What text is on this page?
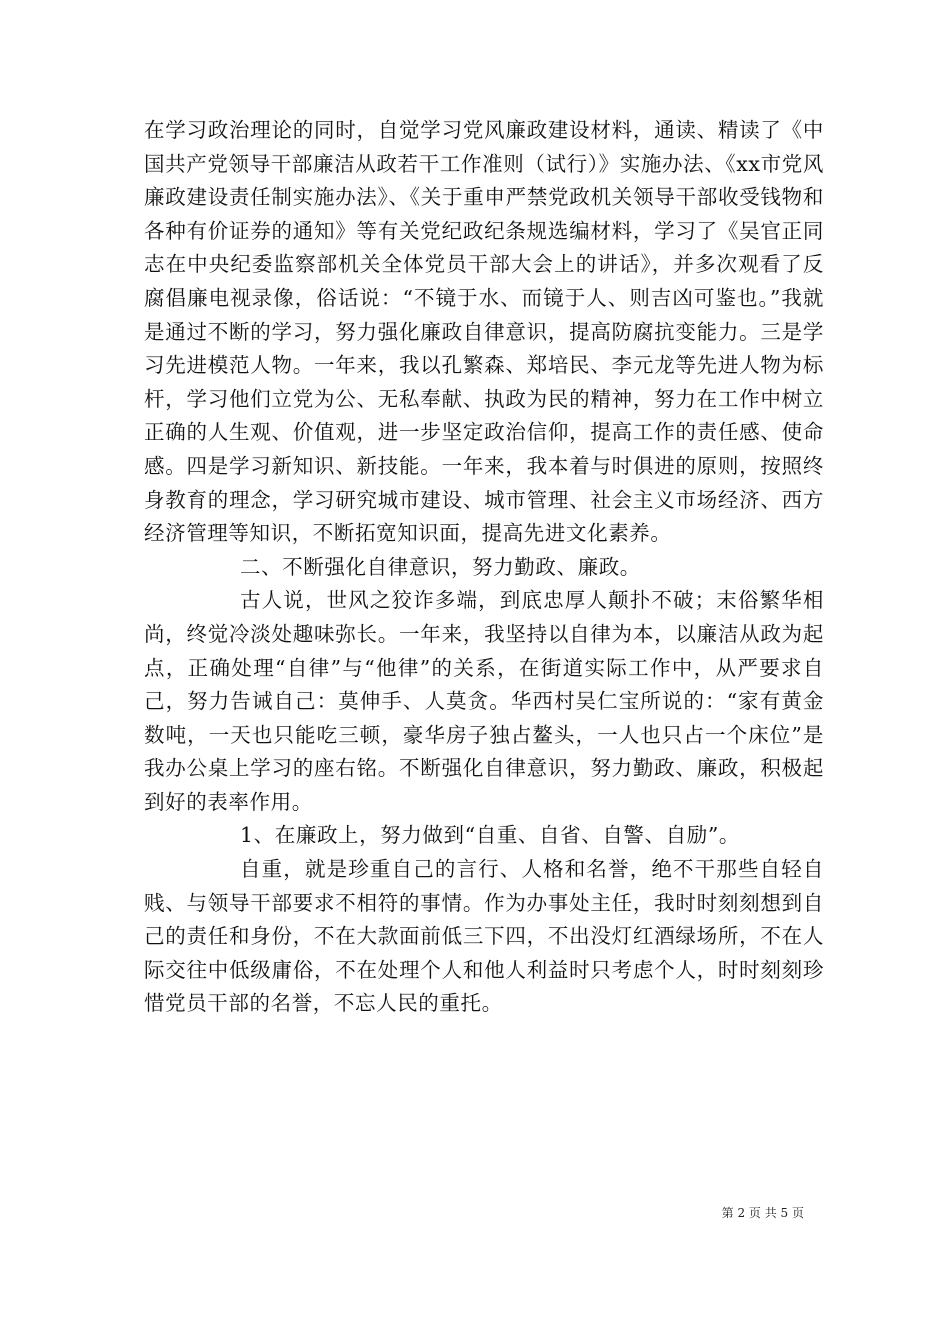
在学习政治理论的同时，自觉学习党风廉政建设材料，通读、精读了《中国共产党领导干部廉洁从政若干工作准则（试行）》实施办法、《xx市党风廉政建设责任制实施办法》、《关于重申严禁党政机关领导干部收受钱物和各种有价证券的通知》等有关党纪政纪条规选编材料，学习了《吴官正同志在中央纪委监察部机关全体党员干部大会上的讲话》，并多次观看了反腐倡廉电视录像，俗话说：“不镜于水、而镜于人、则吉凶可鉴也。”我就是通过不断的学习，努力强化廉政自律意识，提高防腐抗变能力。三是学习先进模范人物。一年来，我以孔繁森、郑培民、李元龙等先进人物为标杆，学习他们立党为公、无私奉献、执政为民的精神，努力在工作中树立正确的人生观、价值观，进一步坚定政治信仰，提高工作的责任感、使命感。四是学习新知识、新技能。一年来，我本着与时俱进的原则，按照终身教育的理念，学习研究城市建设、城市管理、社会主义市场经济、西方经济管理等知识，不断拓宽知识面，提高先进文化素养。

二、不断强化自律意识，努力勤政、廉政。

古人说，世风之狡诈多端，到底忠厚人颠扑不破；末俗繁华相尚，终觉冷淡处趣味弥长。一年来，我坚持以自律为本，以廉洁从政为起点，正确处理“自律”与“他律”的关系，在街道实际工作中，从严要求自己，努力告诫自己：莫伸手、人莫贪。华西村吴仁宝所说的：“家有黄金数吨，一天也只能吃三顿，豪华房子独占鳌头，一人也只占一个床位”是我办公桌上学习的座右铭。不断强化自律意识，努力勤政、廉政，积极起到好的表率作用。

1、在廉政上，努力做到“自重、自省、自警、自励”。

自重，就是珍重自己的言行、人格和名誉，绝不干那些自轻自贱、与领导干部要求不相符的事情。作为办事处主任，我时时刻刻想到自己的责任和身份，不在大款面前低三下四，不出没灯红酒绿场所，不在人际交往中低级庸俗，不在处理个人和他人利益时只考虑个人，时时刻刻珍惜党员干部的名誉，不忘人民的重托。

第 2 页 共 5 页
